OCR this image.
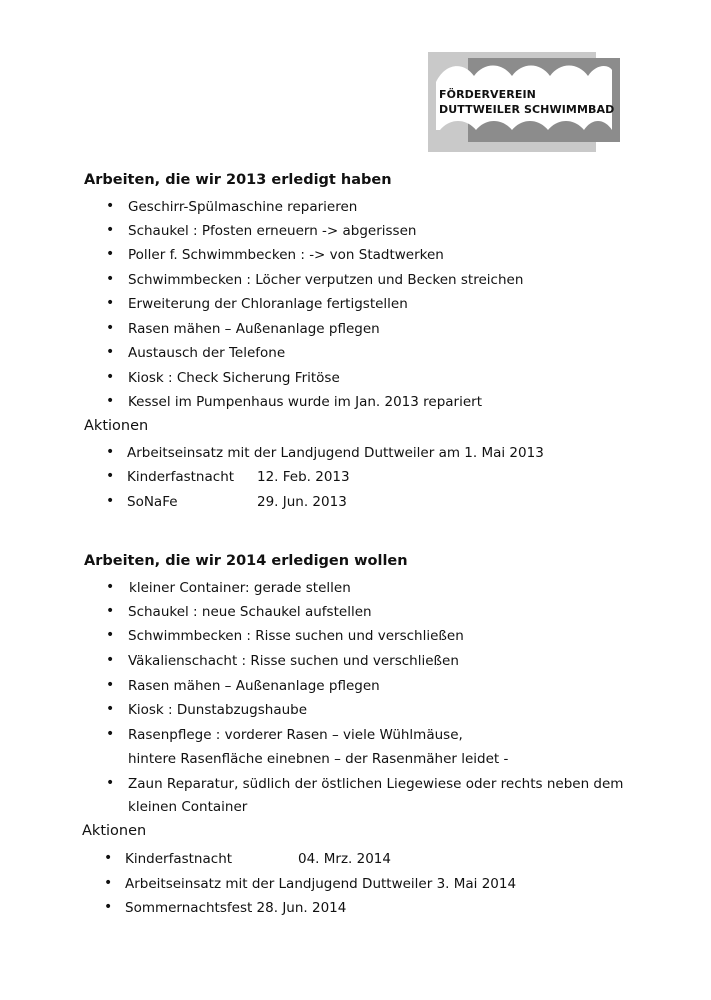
FÖRDERVEREIN
DUTTWEILER SCHWIMMBAD
Arbeiten, die wir 2013 erledigt haben
• Geschirr-Spülmaschine reparieren
• Schaukel : Pfosten erneuern -> abgerissen
• Poller f. Schwimmbecken : -> von Stadtwerken
• Schwimmbecken : Löcher verputzen und Becken streichen
• Erweiterung der Chloranlage fertigstellen
• Rasen mähen – Außenanlage pflegen
• Austausch der Telefone
• Kiosk : Check Sicherung Fritöse
• Kessel im Pumpenhaus wurde im Jan. 2013 repariert
Aktionen
• Arbeitseinsatz mit der Landjugend Duttweiler am 1. Mai 2013
• Kinderfastnacht 12. Feb. 2013
• SoNaFe	29. Jun. 2013
Arbeiten, die wir 2014 erledigen wollen
• kleiner Container: gerade stellen
• Schaukel : neue Schaukel aufstellen
• Schwimmbecken : Risse suchen und verschließen
• Väkalienschacht : Risse suchen und verschließen
• Rasen mähen – Außenanlage pflegen
• Kiosk : Dunstabzugshaube
• Rasenpflege : vorderer Rasen – viele Wühlmäuse,
hintere Rasenfläche einebnen – der Rasenmäher leidet -
• Zaun Reparatur, südlich der östlichen Liegewiese oder rechts neben dem
kleinen Container
Aktionen
• Kinderfastnacht	04. Mrz. 2014
• Arbeitseinsatz mit der Landjugend Duttweiler 3. Mai 2014
• Sommernachtsfest 28. Jun. 2014
